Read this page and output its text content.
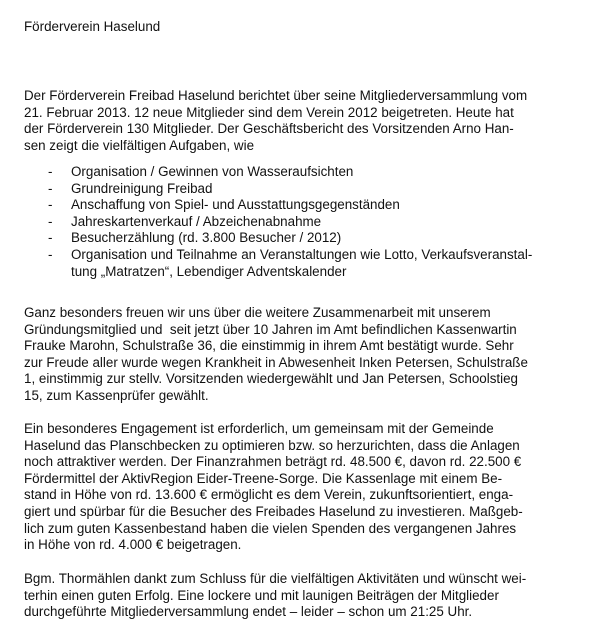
Förderverein Haselund
Der Förderverein Freibad Haselund berichtet über seine Mitgliederversammlung vom
21. Februar 2013. 12 neue Mitglieder sind dem Verein 2012 beigetreten. Heute hat
der Förderverein 130 Mitglieder. Der Geschäftsbericht des Vorsitzenden Arno Han-
sen zeigt die vielfältigen Aufgaben, wie
-	Organisation / Gewinnen von Wasseraufsichten
-	Grundreinigung Freibad
-	Anschaffung von Spiel- und Ausstattungsgegenständen
-	Jahreskartenverkauf / Abzeichenabnahme
-	Besucherzählung (rd. 3.800 Besucher / 2012)
-	Organisation und Teilnahme an Veranstaltungen wie Lotto, Verkaufsveranstal-
tung „Matratzen“, Lebendiger Adventskalender
Ganz besonders freuen wir uns über die weitere Zusammenarbeit mit unserem
Gründungsmitglied und  seit jetzt über 10 Jahren im Amt befindlichen Kassenwartin
Frauke Marohn, Schulstraße 36, die einstimmig in ihrem Amt bestätigt wurde. Sehr
zur Freude aller wurde wegen Krankheit in Abwesenheit Inken Petersen, Schulstraße
1, einstimmig zur stellv. Vorsitzenden wiedergewählt und Jan Petersen, Schoolstieg
15, zum Kassenprüfer gewählt.
Ein besonderes Engagement ist erforderlich, um gemeinsam mit der Gemeinde
Haselund das Planschbecken zu optimieren bzw. so herzurichten, dass die Anlagen
noch attraktiver werden. Der Finanzrahmen beträgt rd. 48.500 €, davon rd. 22.500 €
Fördermittel der AktivRegion Eider-Treene-Sorge. Die Kassenlage mit einem Be-
stand in Höhe von rd. 13.600 € ermöglicht es dem Verein, zukunftsorientiert, enga-
giert und spürbar für die Besucher des Freibades Haselund zu investieren. Maßgeb-
lich zum guten Kassenbestand haben die vielen Spenden des vergangenen Jahres
in Höhe von rd. 4.000 € beigetragen.
Bgm. Thormählen dankt zum Schluss für die vielfältigen Aktivitäten und wünscht wei-
terhin einen guten Erfolg. Eine lockere und mit launigen Beiträgen der Mitglieder
durchgeführte Mitgliederversammlung endet – leider – schon um 21:25 Uhr.
